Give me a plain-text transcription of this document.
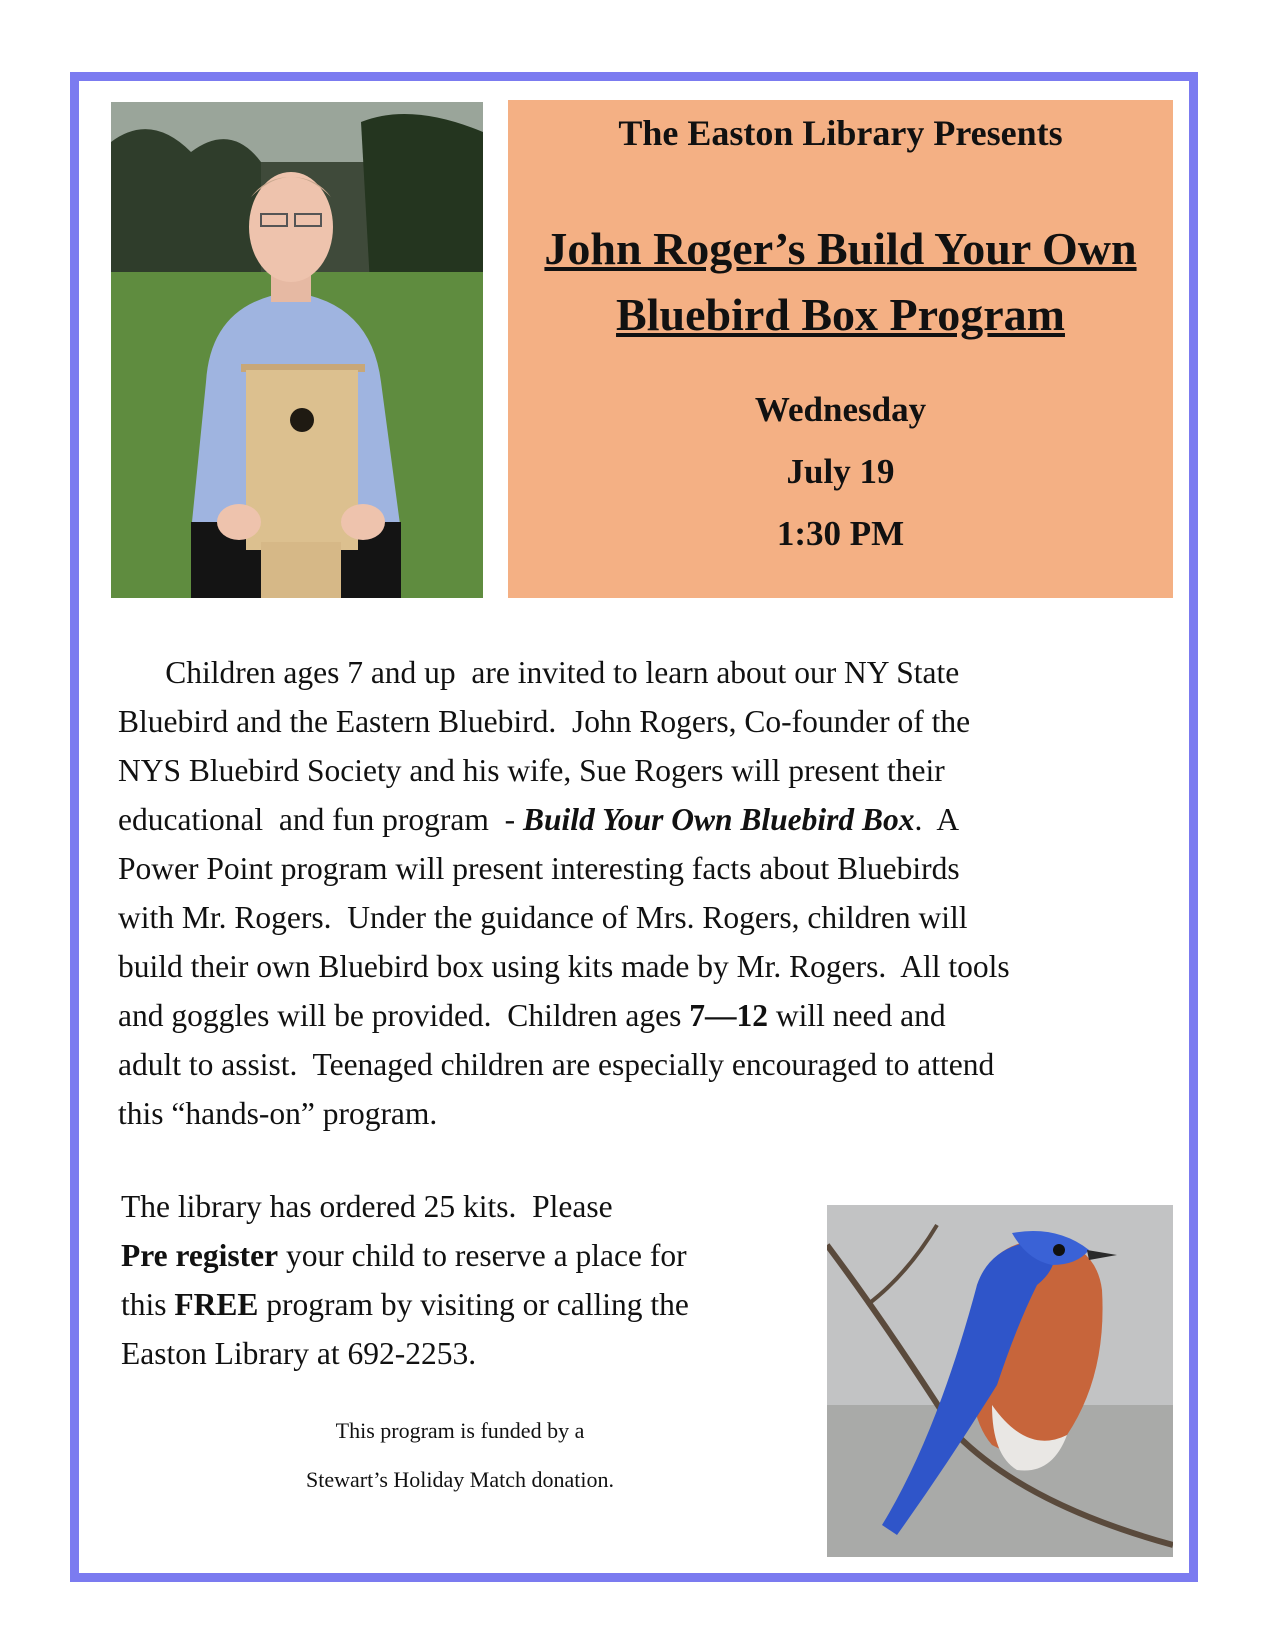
The Easton Library Presents
John Roger’s Build Your Own
Bluebird Box Program
Wednesday
July 19
1:30 PM
Children ages 7 and up  are invited to learn about our NY State
Bluebird and the Eastern Bluebird.  John Rogers, Co-founder of the
NYS Bluebird Society and his wife, Sue Rogers will present their
educational  and fun program  - Build Your Own Bluebird Box.  A
Power Point program will present interesting facts about Bluebirds
with Mr. Rogers.  Under the guidance of Mrs. Rogers, children will
build their own Bluebird box using kits made by Mr. Rogers.  All tools
and goggles will be provided.  Children ages 7—12 will need and
adult to assist.  Teenaged children are especially encouraged to attend
this “hands-on” program.
The library has ordered 25 kits.  Please
Pre register your child to reserve a place for
this FREE program by visiting or calling the
Easton Library at 692-2253.
This program is funded by a
Stewart’s Holiday Match donation.
